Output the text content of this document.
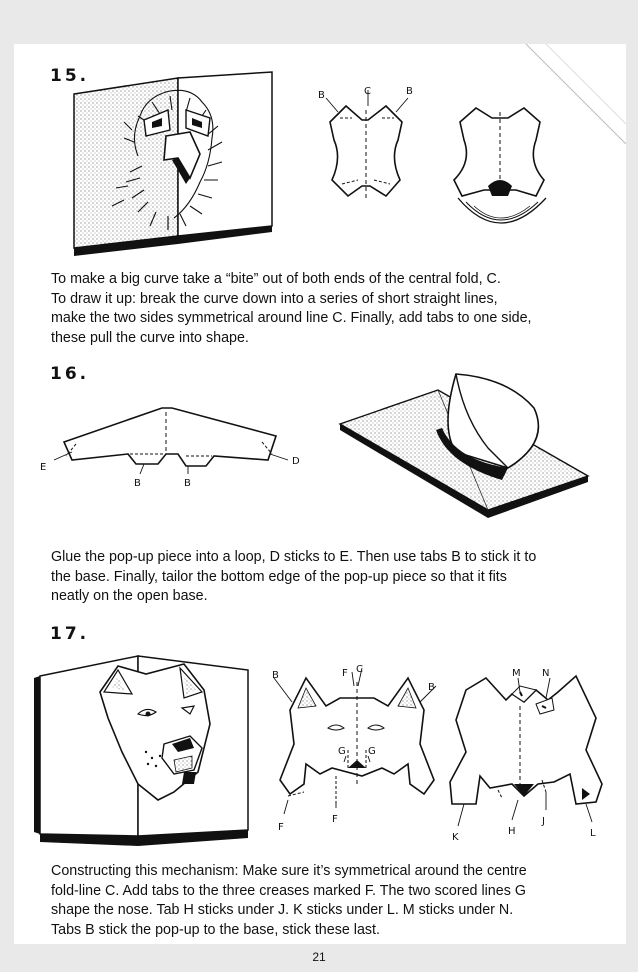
15.
B	C	B
To make a big curve take a “bite” out of both ends of the central fold, C.
To draw it up: break the curve down into a series of short straight lines,
make the two sides symmetrical around line C. Finally, add tabs to one side,
these pull the curve into shape.
16.
E
D
B	B
Glue the pop-up piece into a loop, D sticks to E. Then use tabs B to stick it to
the base. Finally, tailor the bottom edge of the pop-up piece so that it fits
neatly on the open base.
17.
B	F C
B
G G
F
F
M N
J
K
H	L
Constructing this mechanism: Make sure it’s symmetrical around the centre
fold-line C. Add tabs to the three creases marked F. The two scored lines G
shape the nose. Tab H sticks under J. K sticks under L. M sticks under N.
Tabs B stick the pop-up to the base, stick these last.
21
